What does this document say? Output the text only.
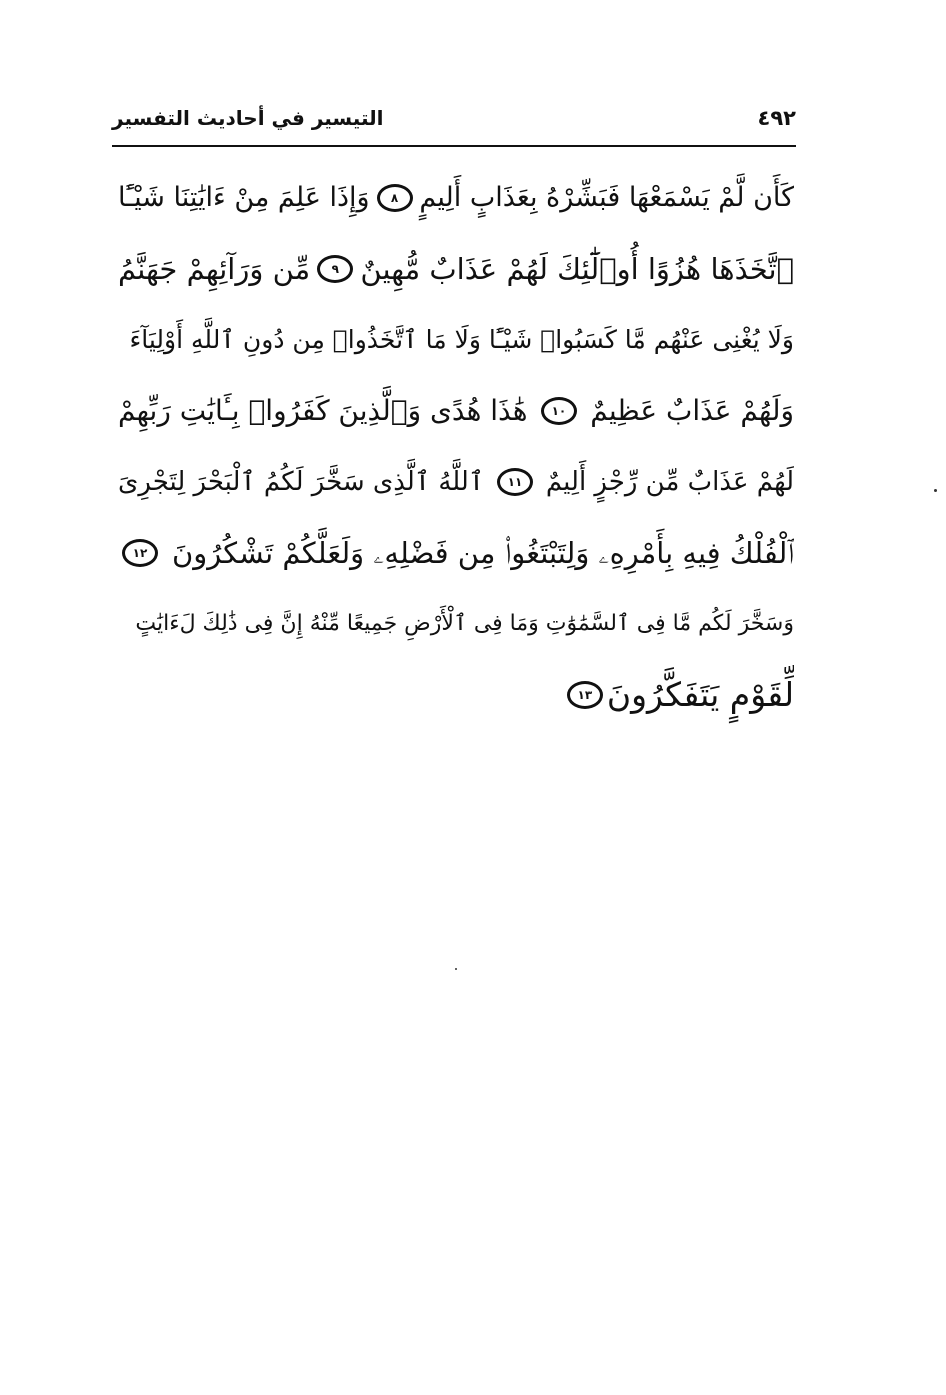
٤٩٢
التيسير في أحاديث التفسير
كَأَن لَّمْ يَسْمَعْهَا فَبَشِّرْهُ بِعَذَابٍ أَلِيمٍ
٨
وَإِذَا عَلِمَ مِنْ ءَايَٰتِنَا شَيْـًٔا
ٱتَّخَذَهَا هُزُوًا أُو۟لَٰٓئِكَ لَهُمْ عَذَابٌ مُّهِينٌ
٩
مِّن وَرَآئِهِمْ جَهَنَّمُ
وَلَا يُغْنِى عَنْهُم مَّا كَسَبُوا۟ شَيْـًٔا وَلَا مَا ٱتَّخَذُوا۟ مِن دُونِ ٱللَّهِ أَوْلِيَآءَ
وَلَهُمْ عَذَابٌ عَظِيمٌ
١٠
هَٰذَا هُدًى وَٱلَّذِينَ كَفَرُوا۟ بِـَٔايَٰتِ رَبِّهِمْ
لَهُمْ عَذَابٌ مِّن رِّجْزٍ أَلِيمٌ
١١
ٱللَّهُ ٱلَّذِى سَخَّرَ لَكُمُ ٱلْبَحْرَ لِتَجْرِىَ
ٱلْفُلْكُ فِيهِ بِأَمْرِهِۦ وَلِتَبْتَغُوا۟ مِن فَضْلِهِۦ وَلَعَلَّكُمْ تَشْكُرُونَ
١٢
وَسَخَّرَ لَكُم مَّا فِى ٱلسَّمَٰوَٰتِ وَمَا فِى ٱلْأَرْضِ جَمِيعًا مِّنْهُ إِنَّ فِى ذَٰلِكَ لَءَايَٰتٍ
لِّقَوْمٍ يَتَفَكَّرُونَ
١٣
